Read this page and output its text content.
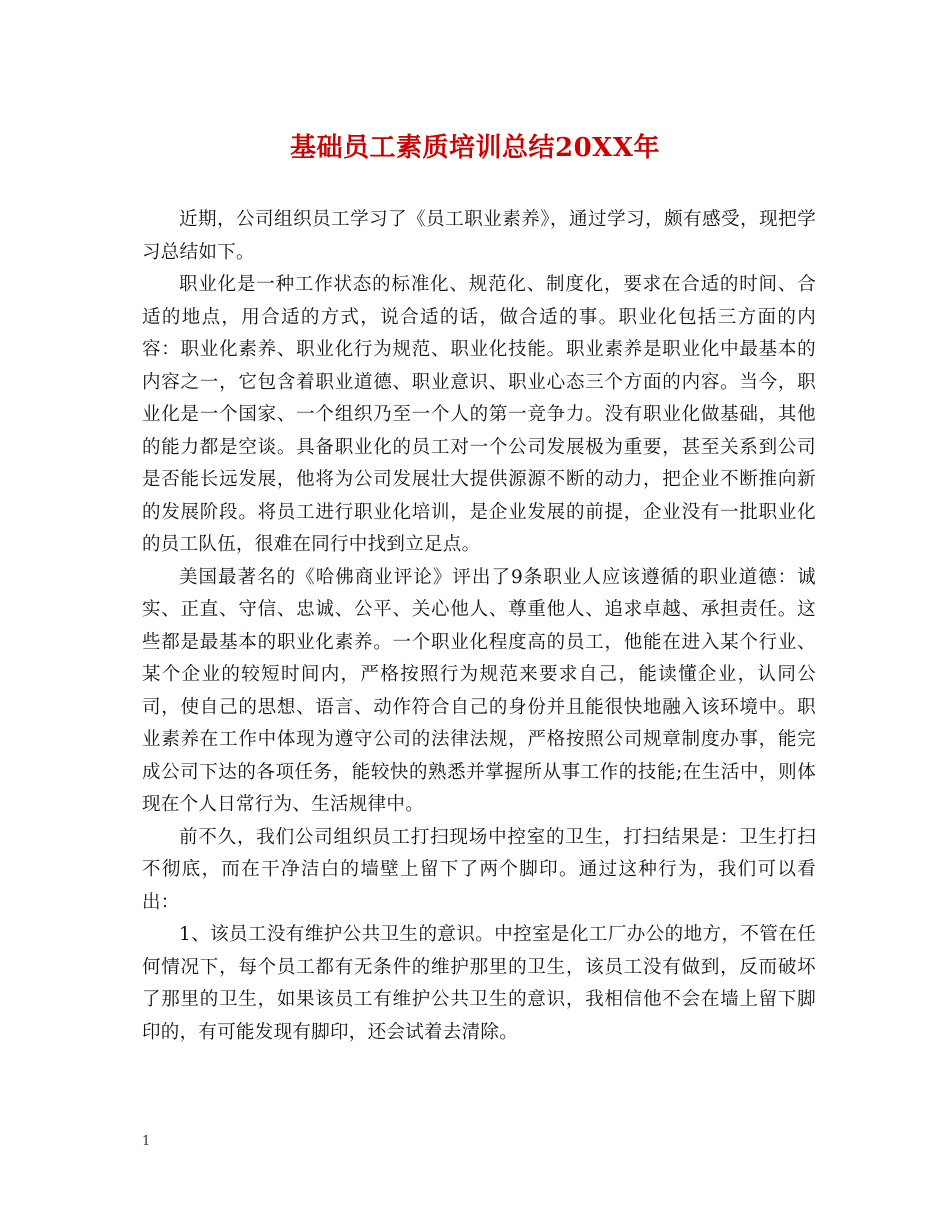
基础员工素质培训总结20XX年

近期，公司组织员工学习了《员工职业素养》，通过学习，颇有感受，现把学习总结如下。

职业化是一种工作状态的标准化、规范化、制度化，要求在合适的时间、合适的地点，用合适的方式，说合适的话，做合适的事。职业化包括三方面的内容：职业化素养、职业化行为规范、职业化技能。职业素养是职业化中最基本的内容之一，它包含着职业道德、职业意识、职业心态三个方面的内容。当今，职业化是一个国家、一个组织乃至一个人的第一竞争力。没有职业化做基础，其他的能力都是空谈。具备职业化的员工对一个公司发展极为重要，甚至关系到公司是否能长远发展，他将为公司发展壮大提供源源不断的动力，把企业不断推向新的发展阶段。将员工进行职业化培训，是企业发展的前提，企业没有一批职业化的员工队伍，很难在同行中找到立足点。

美国最著名的《哈佛商业评论》评出了9条职业人应该遵循的职业道德：诚实、正直、守信、忠诚、公平、关心他人、尊重他人、追求卓越、承担责任。这些都是最基本的职业化素养。一个职业化程度高的员工，他能在进入某个行业、某个企业的较短时间内，严格按照行为规范来要求自己，能读懂企业，认同公司，使自己的思想、语言、动作符合自己的身份并且能很快地融入该环境中。职业素养在工作中体现为遵守公司的法律法规，严格按照公司规章制度办事，能完成公司下达的各项任务，能较快的熟悉并掌握所从事工作的技能;在生活中，则体现在个人日常行为、生活规律中。

前不久，我们公司组织员工打扫现场中控室的卫生，打扫结果是：卫生打扫不彻底，而在干净洁白的墙壁上留下了两个脚印。通过这种行为，我们可以看出：

1、该员工没有维护公共卫生的意识。中控室是化工厂办公的地方，不管在任何情况下，每个员工都有无条件的维护那里的卫生，该员工没有做到，反而破坏了那里的卫生，如果该员工有维护公共卫生的意识，我相信他不会在墙上留下脚印的，有可能发现有脚印，还会试着去清除。

1
